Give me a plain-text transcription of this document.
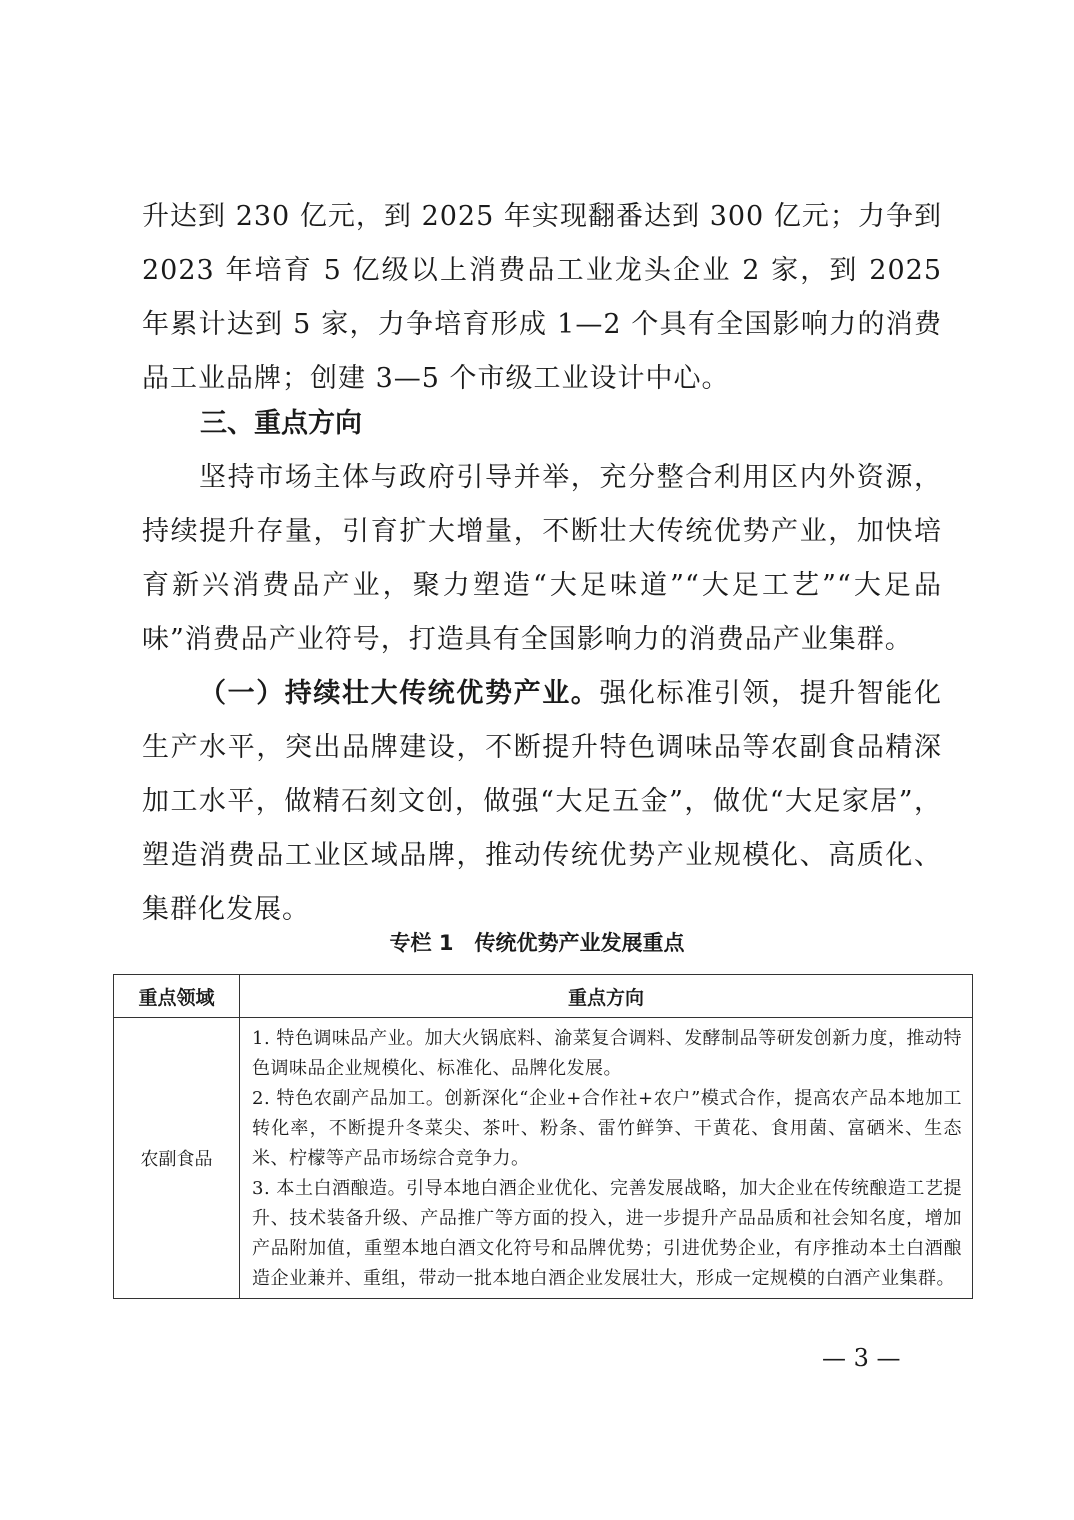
升达到 230 亿元，到 2025 年实现翻番达到 300 亿元；力争到 2023 年培育 5 亿级以上消费品工业龙头企业 2 家，到 2025 年累计达到 5 家，力争培育形成 1—2 个具有全国影响力的消费品工业品牌；创建 3—5 个市级工业设计中心。

三、重点方向

坚持市场主体与政府引导并举，充分整合利用区内外资源，持续提升存量，引育扩大增量，不断壮大传统优势产业，加快培育新兴消费品产业，聚力塑造“大足味道”“大足工艺”“大足品味”消费品产业符号，打造具有全国影响力的消费品产业集群。

（一）持续壮大传统优势产业。强化标准引领，提升智能化生产水平，突出品牌建设，不断提升特色调味品等农副食品精深加工水平，做精石刻文创，做强“大足五金”，做优“大足家居”，塑造消费品工业区域品牌，推动传统优势产业规模化、高质化、集群化发展。

专栏 1　传统优势产业发展重点

重点领域	重点方向
农副食品	1. 特色调味品产业。加大火锅底料、渝菜复合调料、发酵制品等研发创新力度，推动特色调味品企业规模化、标准化、品牌化发展。

2. 特色农副产品加工。创新深化“企业+合作社+农户”模式合作，提高农产品本地加工转化率，不断提升冬菜尖、茶叶、粉条、雷竹鲜笋、干黄花、食用菌、富硒米、生态米、柠檬等产品市场综合竞争力。

3. 本土白酒酿造。引导本地白酒企业优化、完善发展战略，加大企业在传统酿造工艺提升、技术装备升级、产品推广等方面的投入，进一步提升产品品质和社会知名度，增加产品附加值，重塑本地白酒文化符号和品牌优势；引进优势企业，有序推动本土白酒酿造企业兼并、重组，带动一批本地白酒企业发展壮大，形成一定规模的白酒产业集群。

— 3 —
